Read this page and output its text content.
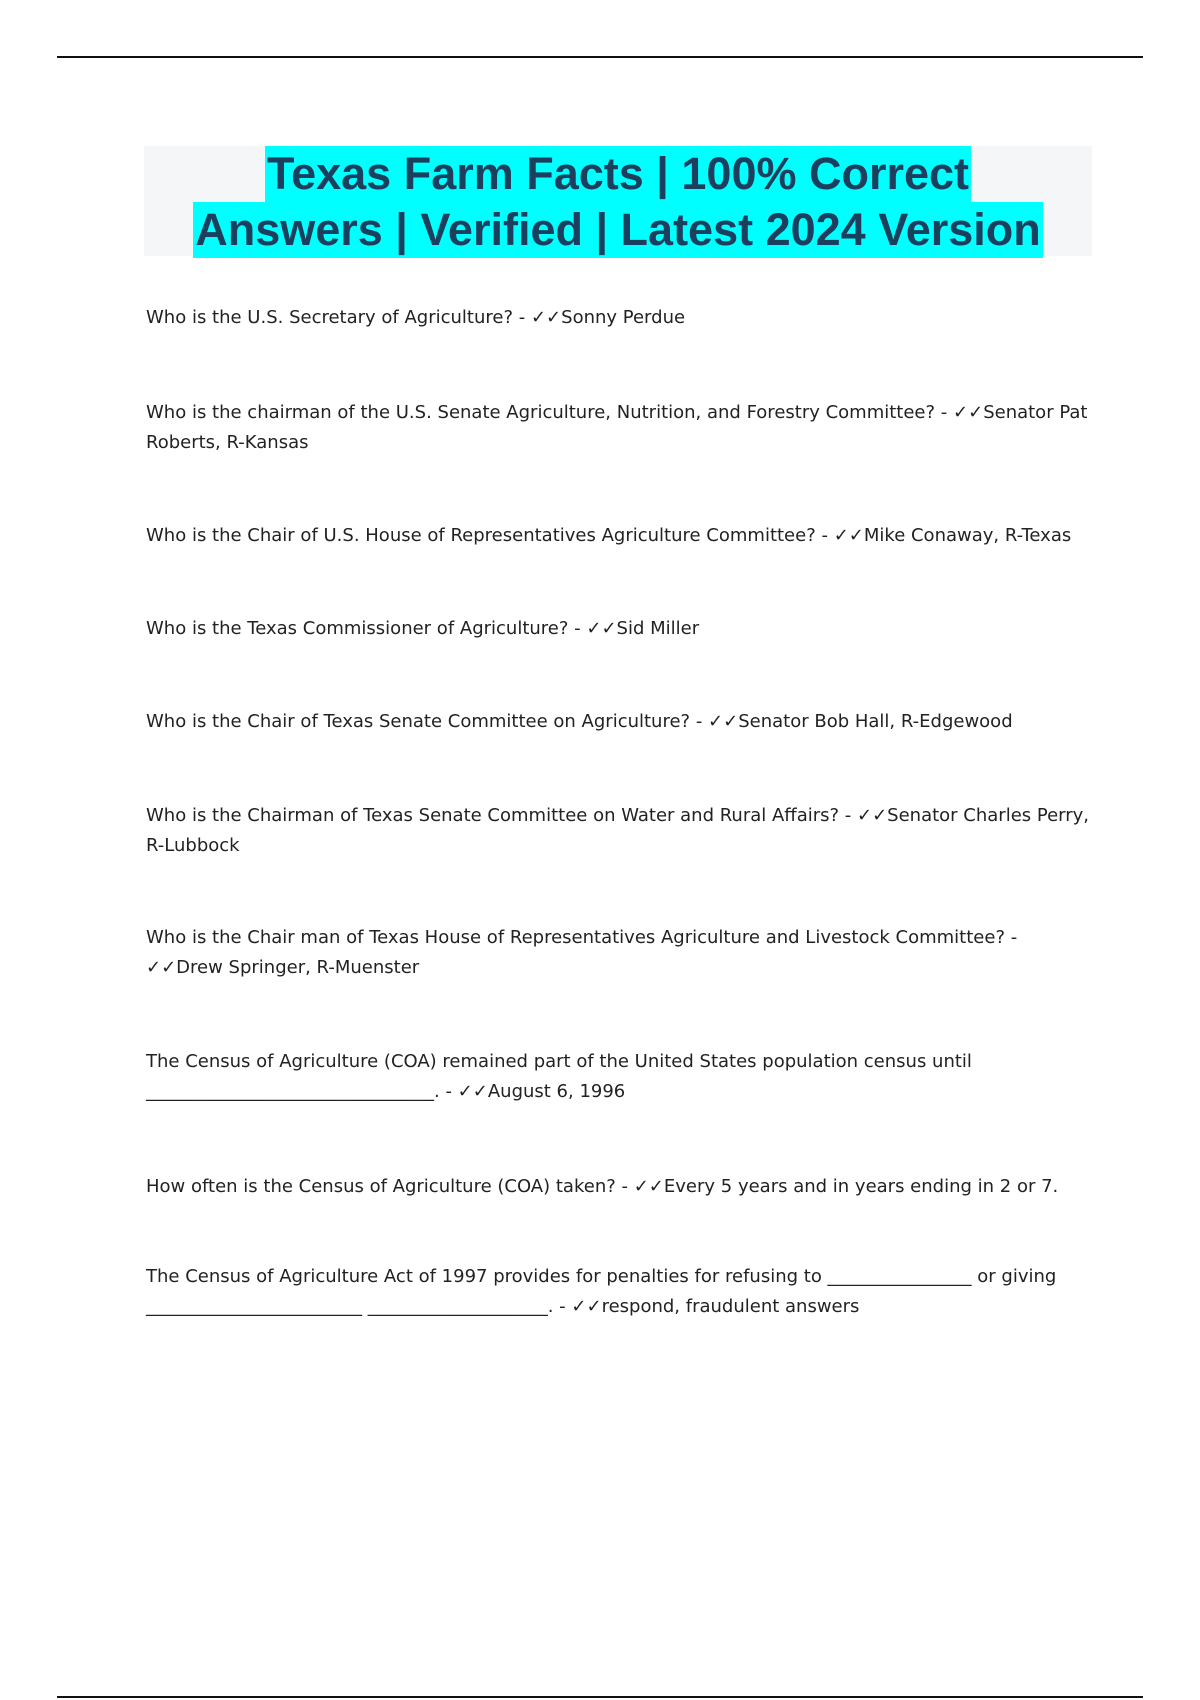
Texas Farm Facts | 100% Correct
Answers | Verified | Latest 2024 Version
Who is the U.S. Secretary of Agriculture? - ✓✓Sonny Perdue
Who is the chairman of the U.S. Senate Agriculture, Nutrition, and Forestry Committee? - ✓✓Senator Pat Roberts, R-Kansas
Who is the Chair of U.S. House of Representatives Agriculture Committee? - ✓✓Mike Conaway, R-Texas
Who is the Texas Commissioner of Agriculture? - ✓✓Sid Miller
Who is the Chair of Texas Senate Committee on Agriculture? - ✓✓Senator Bob Hall, R-Edgewood
Who is the Chairman of Texas Senate Committee on Water and Rural Affairs? - ✓✓Senator Charles Perry, R-Lubbock
Who is the Chair man of Texas House of Representatives Agriculture and Livestock Committee? - ✓✓Drew Springer, R-Muenster
The Census of Agriculture (COA) remained part of the United States population census until ________________________________. - ✓✓August 6, 1996
How often is the Census of Agriculture (COA) taken? - ✓✓Every 5 years and in years ending in 2 or 7.
The Census of Agriculture Act of 1997 provides for penalties for refusing to ________________ or giving ________________________ ____________________. - ✓✓respond, fraudulent answers
